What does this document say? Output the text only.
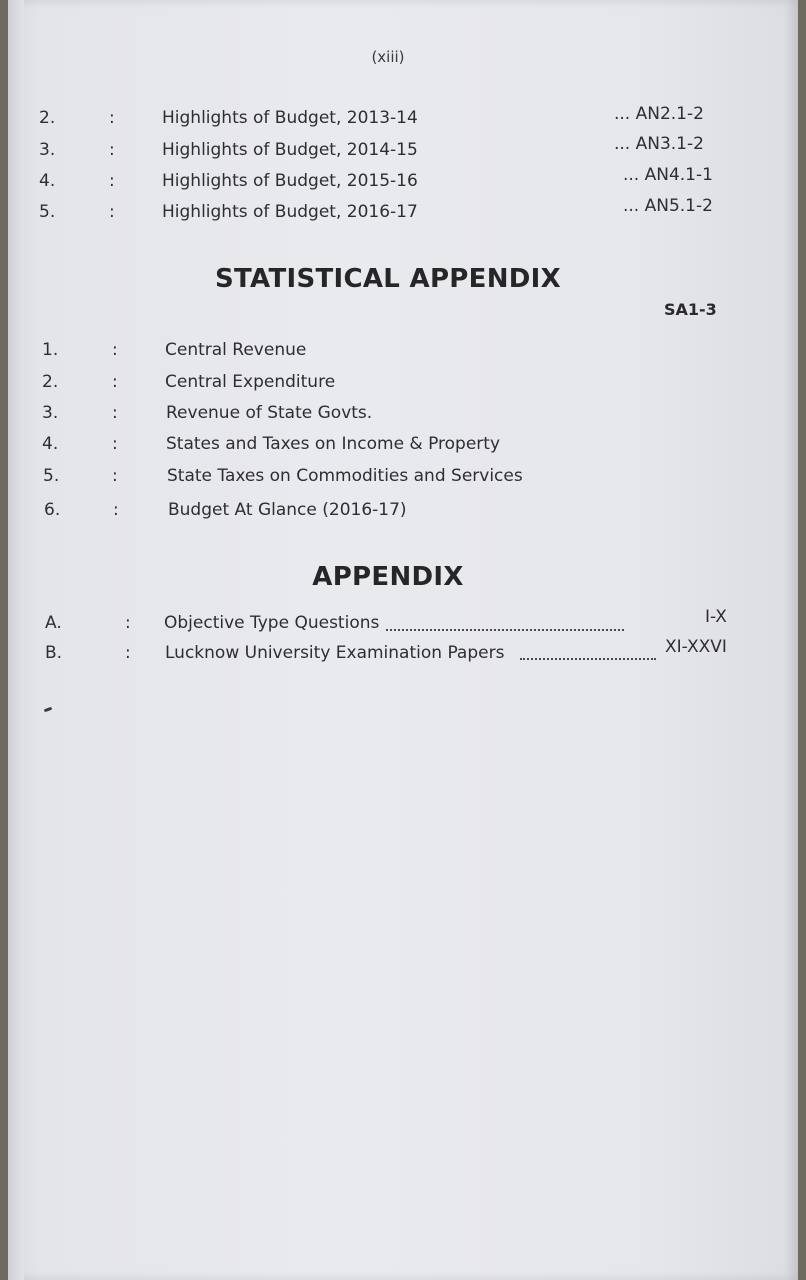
(xiii)
2.	:	Highlights of Budget, 2013-14	... AN2.1-2
3.	:	Highlights of Budget, 2014-15	... AN3.1-2
4.	:	Highlights of Budget, 2015-16	... AN4.1-1
5.	:	Highlights of Budget, 2016-17	... AN5.1-2
STATISTICAL APPENDIX
SA1-3
1.	:	Central Revenue
2.	:	Central Expenditure
3.	:	Revenue of State Govts.
4.	:	States and Taxes on Income & Property
5.	:	State Taxes on Commodities and Services
6.	:	Budget At Glance (2016-17)
APPENDIX
A.	: Objective Type Questions	I-X
B.	: Lucknow University Examination Papers	XI-XXVI
